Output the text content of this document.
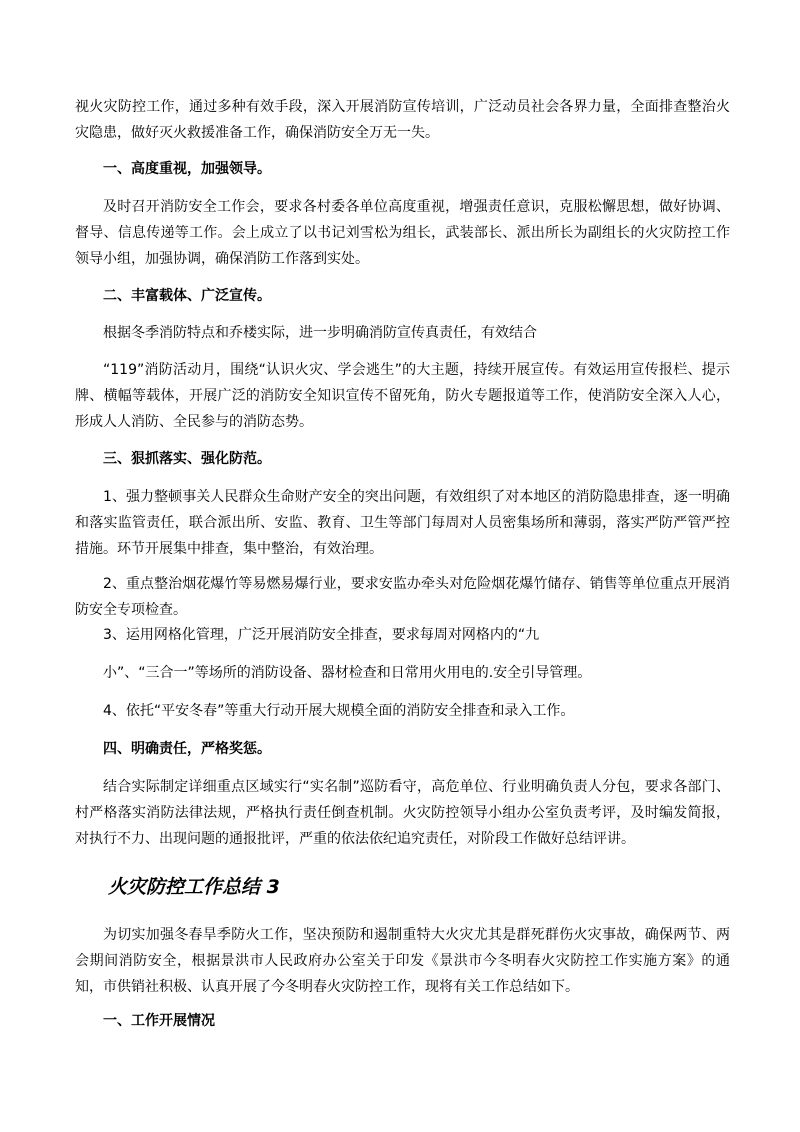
视火灾防控工作，通过多种有效手段，深入开展消防宣传培训，广泛动员社会各界力量，全面排查整治火灾隐患，做好灭火救援准备工作，确保消防安全万无一失。
一、高度重视，加强领导。
及时召开消防安全工作会，要求各村委各单位高度重视，增强责任意识，克服松懈思想，做好协调、督导、信息传递等工作。会上成立了以书记刘雪松为组长，武装部长、派出所长为副组长的火灾防控工作领导小组，加强协调，确保消防工作落到实处。
二、丰富载体、广泛宣传。
根据冬季消防特点和乔楼实际，进一步明确消防宣传真责任，有效结合
“119”消防活动月，围绕“认识火灾、学会逃生”的大主题，持续开展宣传。有效运用宣传报栏、提示牌、横幅等载体，开展广泛的消防安全知识宣传不留死角，防火专题报道等工作，使消防安全深入人心，形成人人消防、全民参与的消防态势。
三、狠抓落实、强化防范。
1、强力整顿事关人民群众生命财产安全的突出问题，有效组织了对本地区的消防隐患排查，逐一明确和落实监管责任，联合派出所、安监、教育、卫生等部门每周对人员密集场所和薄弱，落实严防严管严控措施。环节开展集中排查，集中整治，有效治理。
2、重点整治烟花爆竹等易燃易爆行业，要求安监办牵头对危险烟花爆竹储存、销售等单位重点开展消防安全专项检查。
3、运用网格化管理，广泛开展消防安全排查，要求每周对网格内的“九
小”、“三合一”等场所的消防设备、器材检查和日常用火用电的.安全引导管理。
4、依托“平安冬春”等重大行动开展大规模全面的消防安全排查和录入工作。
四、明确责任，严格奖惩。
结合实际制定详细重点区域实行“实名制”巡防看守，高危单位、行业明确负责人分包，要求各部门、村严格落实消防法律法规，严格执行责任倒查机制。火灾防控领导小组办公室负责考评，及时编发简报，对执行不力、出现问题的通报批评，严重的依法依纪追究责任，对阶段工作做好总结评讲。
火灾防控工作总结 3
为切实加强冬春旱季防火工作，坚决预防和遏制重特大火灾尤其是群死群伤火灾事故，确保两节、两会期间消防安全，根据景洪市人民政府办公室关于印发《景洪市今冬明春火灾防控工作实施方案》的通知，市供销社积极、认真开展了今冬明春火灾防控工作，现将有关工作总结如下。
一、工作开展情况
